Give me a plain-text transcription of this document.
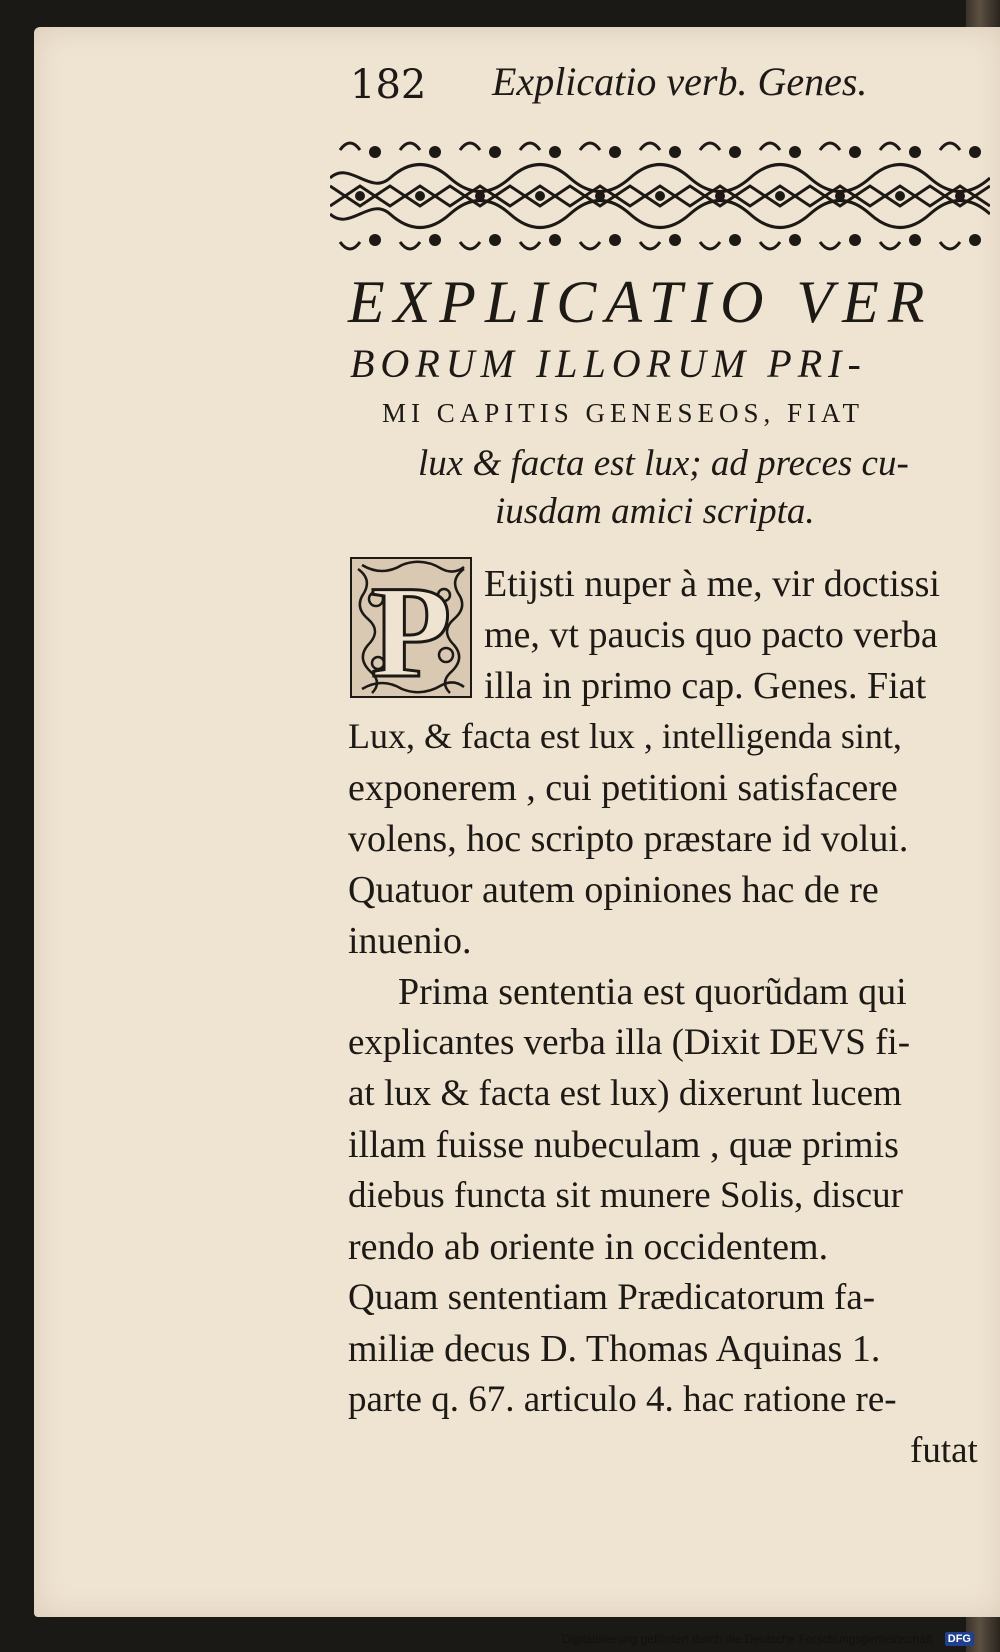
182 Explicatio verb. Genes.
EXPLICATIO VER
BORUM ILLORUM PRI-
MI CAPITIS GENESEOS, FIAT
lux & facta est lux; ad preces cu-
iusdam amici scripta.
P Etijsti nuper à me, vir doctissi
me, vt paucis quo pacto verba
illa in primo cap. Genes. Fiat
Lux, & facta est lux , intelligenda sint,
exponerem , cui petitioni satisfacere
volens, hoc scripto præstare id volui.
Quatuor autem opiniones hac de re
inuenio.
Prima sententia est quorũdam qui
explicantes verba illa (Dixit DEVS fi-
at lux & facta est lux) dixerunt lucem
illam fuisse nubeculam , quæ primis
diebus functa sit munere Solis, discur
rendo ab oriente in occidentem.
Quam sententiam Prædicatorum fa-
miliæ decus D. Thomas Aquinas 1.
parte q. 67. articulo 4. hac ratione re-
futat
Digitalisierung gefördert durch die Deutsche Forschungsgemeinschaft · DFG
